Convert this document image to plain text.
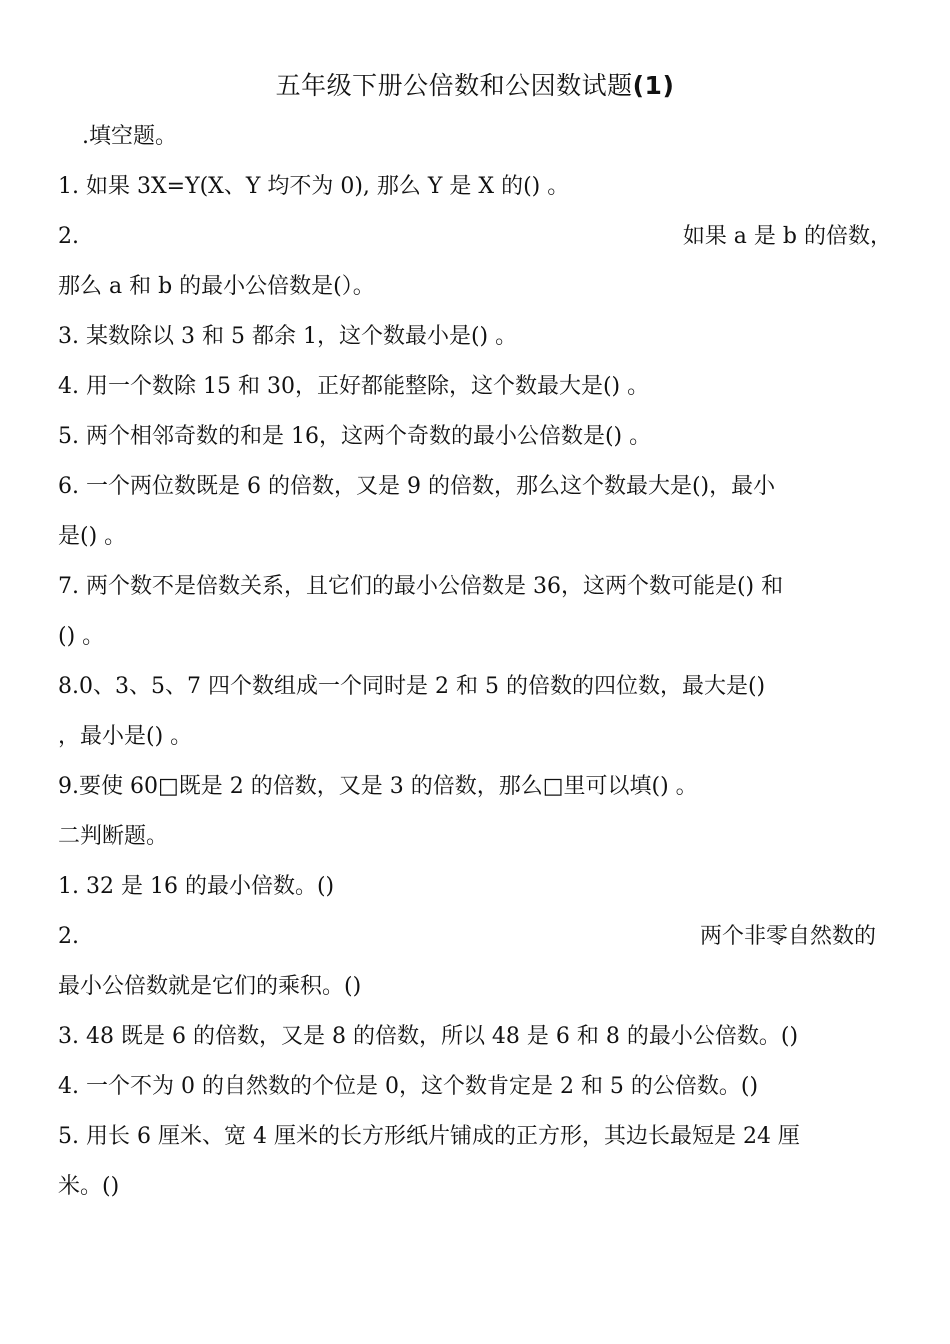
五年级下册公倍数和公因数试题(1)
.填空题。
1. 如果 3X=Y(X、Y 均不为 0), 那么 Y 是 X 的() 。
2.	如果 a 是 b 的倍数，
那么 a 和 b 的最小公倍数是(）。
3. 某数除以 3 和 5 都余 1，这个数最小是() 。
4. 用一个数除 15 和 30，正好都能整除，这个数最大是() 。
5. 两个相邻奇数的和是 16，这两个奇数的最小公倍数是() 。
6. 一个两位数既是 6 的倍数，又是 9 的倍数，那么这个数最大是()，最小
是() 。
7. 两个数不是倍数关系，且它们的最小公倍数是 36，这两个数可能是() 和
() 。
8.0、3、5、7 四个数组成一个同时是 2 和 5 的倍数的四位数，最大是()
，最小是() 。
9.要使 60□既是 2 的倍数，又是 3 的倍数，那么□里可以填() 。
二判断题。
1. 32 是 16 的最小倍数。()
2.	两个非零自然数的
最小公倍数就是它们的乘积。()
3. 48 既是 6 的倍数，又是 8 的倍数，所以 48 是 6 和 8 的最小公倍数。()
4. 一个不为 0 的自然数的个位是 0，这个数肯定是 2 和 5 的公倍数。()
5. 用长 6 厘米、宽 4 厘米的长方形纸片铺成的正方形，其边长最短是 24 厘
米。()
